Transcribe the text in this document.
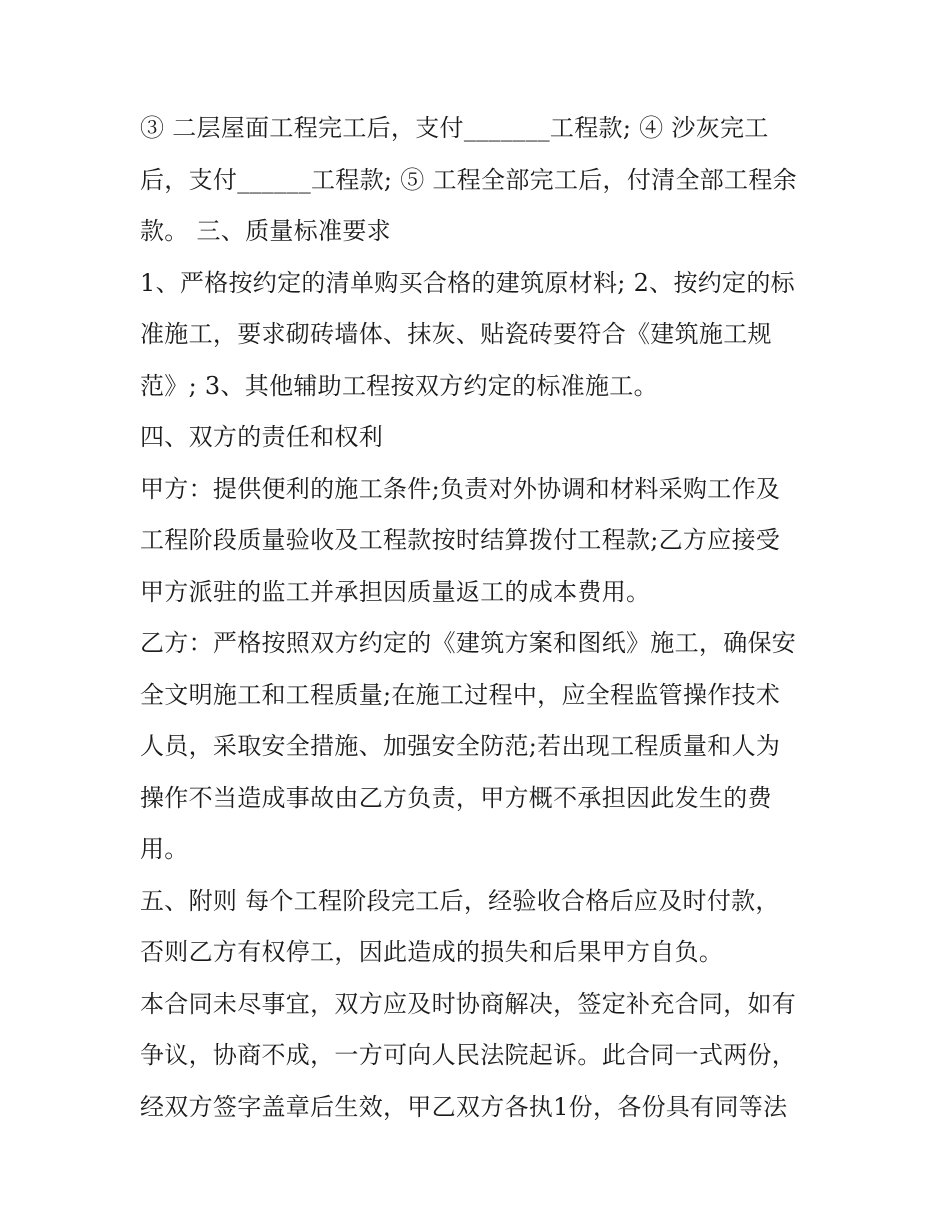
③ 二层屋面工程完工后，支付_______工程款; ④ 沙灰完工
后，支付______工程款; ⑤ 工程全部完工后，付清全部工程余
款。 三、质量标准要求
1、严格按约定的清单购买合格的建筑原材料; 2、按约定的标
准施工，要求砌砖墙体、抹灰、贴瓷砖要符合《建筑施工规
范》; 3、其他辅助工程按双方约定的标准施工。
四、双方的责任和权利
甲方：提供便利的施工条件;负责对外协调和材料采购工作及
工程阶段质量验收及工程款按时结算拨付工程款;乙方应接受
甲方派驻的监工并承担因质量返工的成本费用。
乙方：严格按照双方约定的《建筑方案和图纸》施工，确保安
全文明施工和工程质量;在施工过程中，应全程监管操作技术
人员，采取安全措施、加强安全防范;若出现工程质量和人为
操作不当造成事故由乙方负责，甲方概不承担因此发生的费
用。
五、附则 每个工程阶段完工后，经验收合格后应及时付款，
否则乙方有权停工，因此造成的损失和后果甲方自负。
本合同未尽事宜，双方应及时协商解决，签定补充合同，如有
争议，协商不成，一方可向人民法院起诉。此合同一式两份，
经双方签字盖章后生效，甲乙双方各执1份，各份具有同等法
